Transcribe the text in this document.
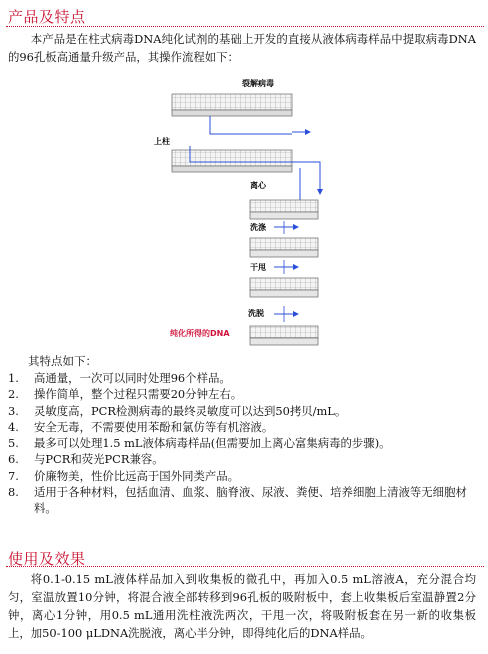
产品及特点

本产品是在柱式病毒DNA纯化试剂的基础上开发的直接从液体病毒样品中提取病毒DNA的96孔板高通量升级产品，其操作流程如下：

裂解病毒
上柱
离心
洗涤
干甩
洗脱
纯化所得的DNA
其特点如下：
1.	高通量，一次可以同时处理96个样品。
2.	操作简单，整个过程只需要20分钟左右。
3.	灵敏度高，PCR检测病毒的最终灵敏度可以达到50拷贝/mL。
4.	安全无毒，不需要使用苯酚和氯仿等有机溶液。
5.	最多可以处理1.5 mL液体病毒样品(但需要加上离心富集病毒的步骤)。
6.	与PCR和荧光PCR兼容。
7.	价廉物美，性价比远高于国外同类产品。
8.	适用于各种材料，包括血清、血浆、脑脊液、尿液、粪便、培养细胞上清液等无细胞材料。
使用及效果

将0.1-0.15 mL液体样品加入到收集板的微孔中，再加入0.5 mL溶液A，充分混合均匀，室温放置10分钟，将混合液全部转移到96孔板的吸附板中，套上收集板后室温静置2分钟，离心1分钟，用0.5 mL通用洗柱液洗两次，干甩一次，将吸附板套在另一新的收集板上，加50-100 μLDNA洗脱液，离心半分钟，即得纯化后的DNA样品。
